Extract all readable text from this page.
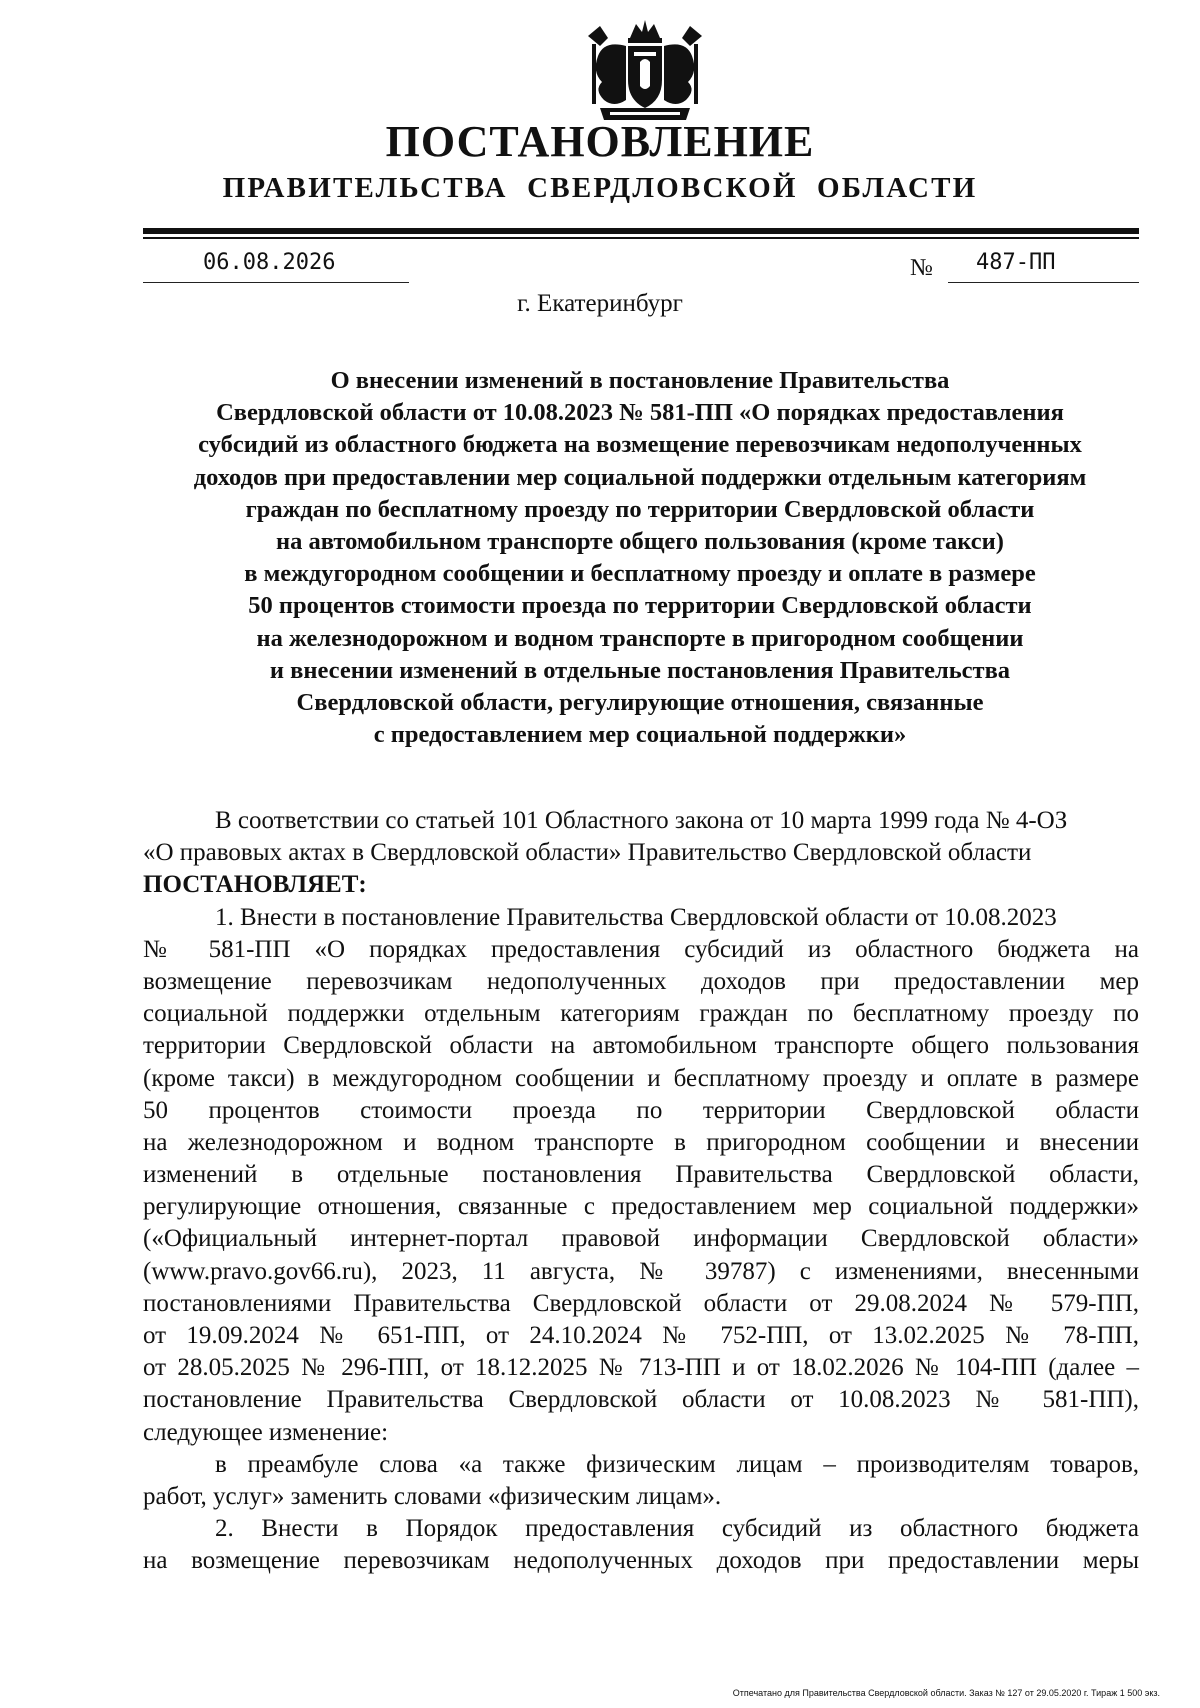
ПОСТАНОВЛЕНИЕ
ПРАВИТЕЛЬСТВА СВЕРДЛОВСКОЙ ОБЛАСТИ
06.08.2026	№ 487-ПП
г. Екатеринбург
О внесении изменений в постановление Правительства
Свердловской области от 10.08.2023 № 581-ПП «О порядках предоставления
субсидий из областного бюджета на возмещение перевозчикам недополученных
доходов при предоставлении мер социальной поддержки отдельным категориям
граждан по бесплатному проезду по территории Свердловской области
на автомобильном транспорте общего пользования (кроме такси)
в междугородном сообщении и бесплатному проезду и оплате в размере
50 процентов стоимости проезда по территории Свердловской области
на железнодорожном и водном транспорте в пригородном сообщении
и внесении изменений в отдельные постановления Правительства
Свердловской области, регулирующие отношения, связанные
с предоставлением мер социальной поддержки»
В соответствии со статьей 101 Областного закона от 10 марта 1999 года № 4-ОЗ
«О правовых актах в Свердловской области» Правительство Свердловской области
ПОСТАНОВЛЯЕТ:
1. Внести в постановление Правительства Свердловской области от 10.08.2023
№ 581-ПП «О порядках предоставления субсидий из областного бюджета на
возмещение перевозчикам недополученных доходов при предоставлении мер
социальной поддержки отдельным категориям граждан по бесплатному проезду по
территории Свердловской области на автомобильном транспорте общего пользования
(кроме такси) в междугородном сообщении и бесплатному проезду и оплате в размере
50 процентов стоимости проезда по территории Свердловской области
на железнодорожном и водном транспорте в пригородном сообщении и внесении
изменений в отдельные постановления Правительства Свердловской области,
регулирующие отношения, связанные с предоставлением мер социальной поддержки»
(«Официальный интернет-портал правовой информации Свердловской области»
(www.pravo.gov66.ru), 2023, 11 августа, № 39787) с изменениями, внесенными
постановлениями Правительства Свердловской области от 29.08.2024 № 579-ПП,
от 19.09.2024 № 651-ПП, от 24.10.2024 № 752-ПП, от 13.02.2025 № 78-ПП,
от 28.05.2025 № 296-ПП, от 18.12.2025 № 713-ПП и от 18.02.2026 № 104-ПП (далее –
постановление Правительства Свердловской области от 10.08.2023 № 581-ПП),
следующее изменение:
в преамбуле слова «а также физическим лицам – производителям товаров,
работ, услуг» заменить словами «физическим лицам».
2. Внести в Порядок предоставления субсидий из областного бюджета
на возмещение перевозчикам недополученных доходов при предоставлении меры
Отпечатано для Правительства Свердловской области. Заказ № 127 от 29.05.2020 г. Тираж 1 500 экз.
